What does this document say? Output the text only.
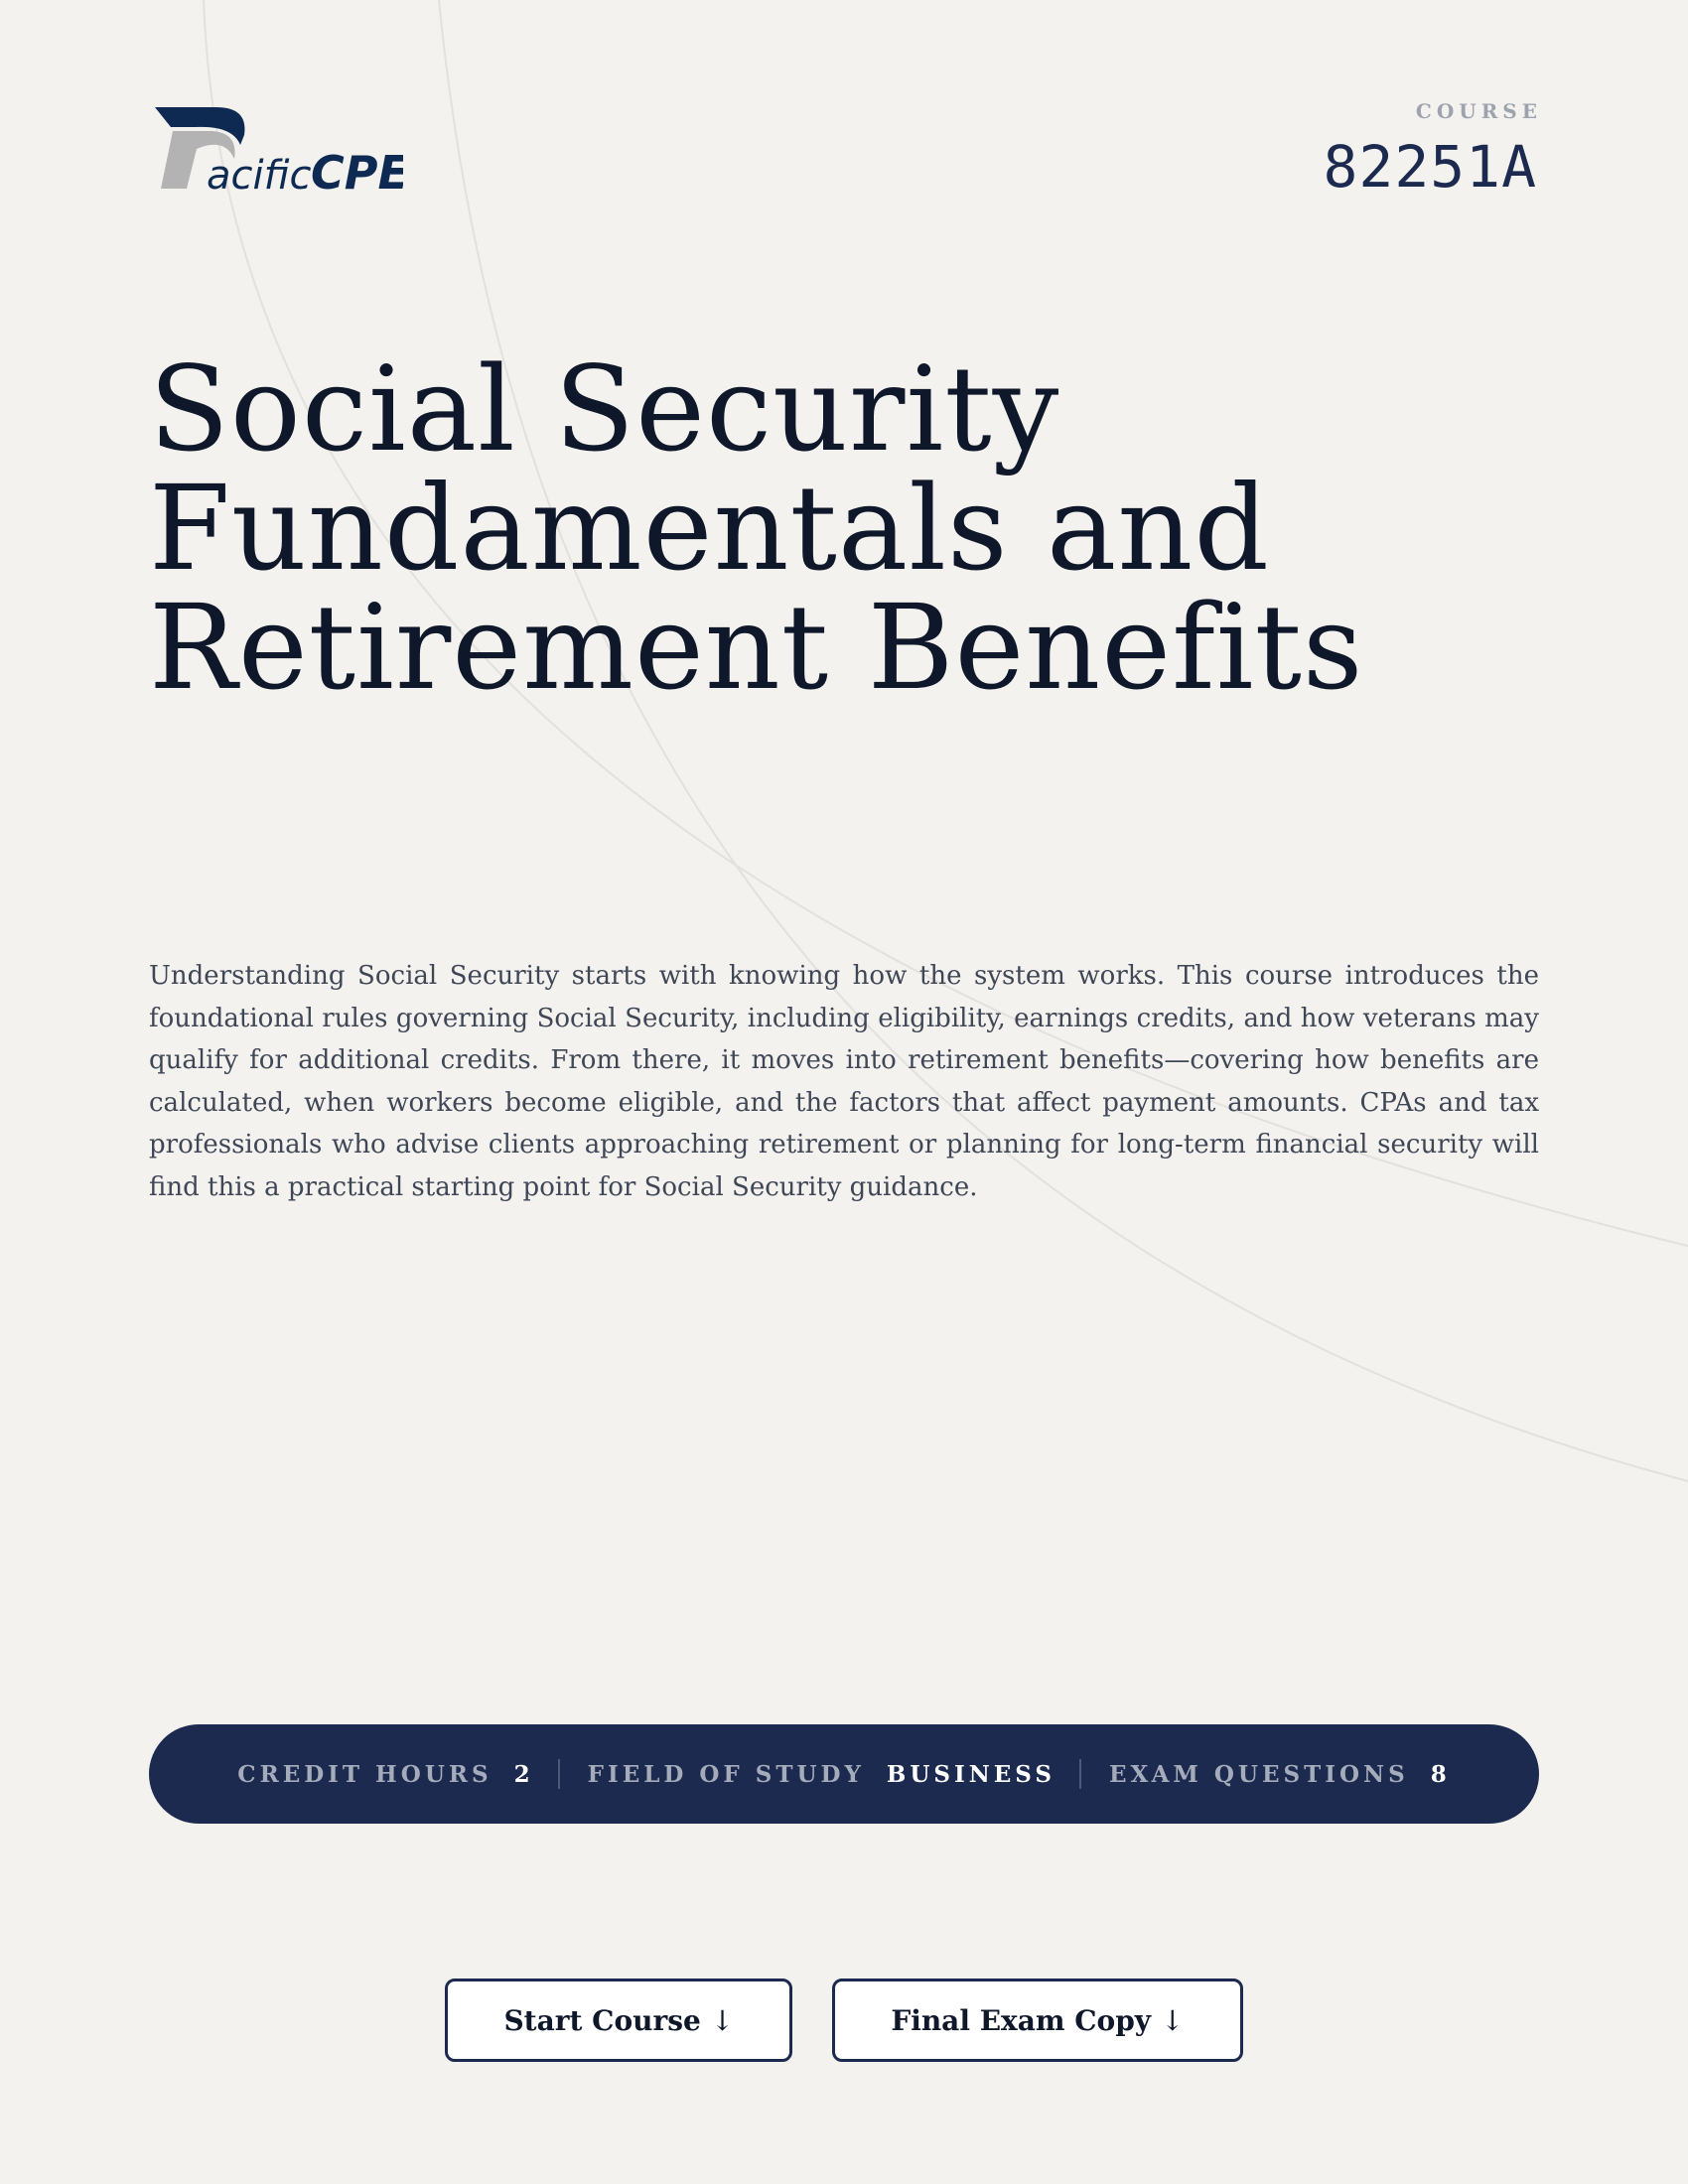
acific CPE
COURSE
82251A
Social Security Fundamentals and Retirement Benefits

Understanding Social Security starts with knowing how the system works. This course introduces the foundational rules governing Social Security, including eligibility, earnings credits, and how veterans may qualify for additional credits. From there, it moves into retirement benefits—covering how benefits are calculated, when workers become eligible, and the factors that affect payment amounts. CPAs and tax professionals who advise clients approaching retirement or planning for long-term financial security will find this a practical starting point for Social Security guidance.

CREDIT HOURS 2 FIELD OF STUDY BUSINESS EXAM QUESTIONS 8
Start Course ↓	Final Exam Copy ↓
